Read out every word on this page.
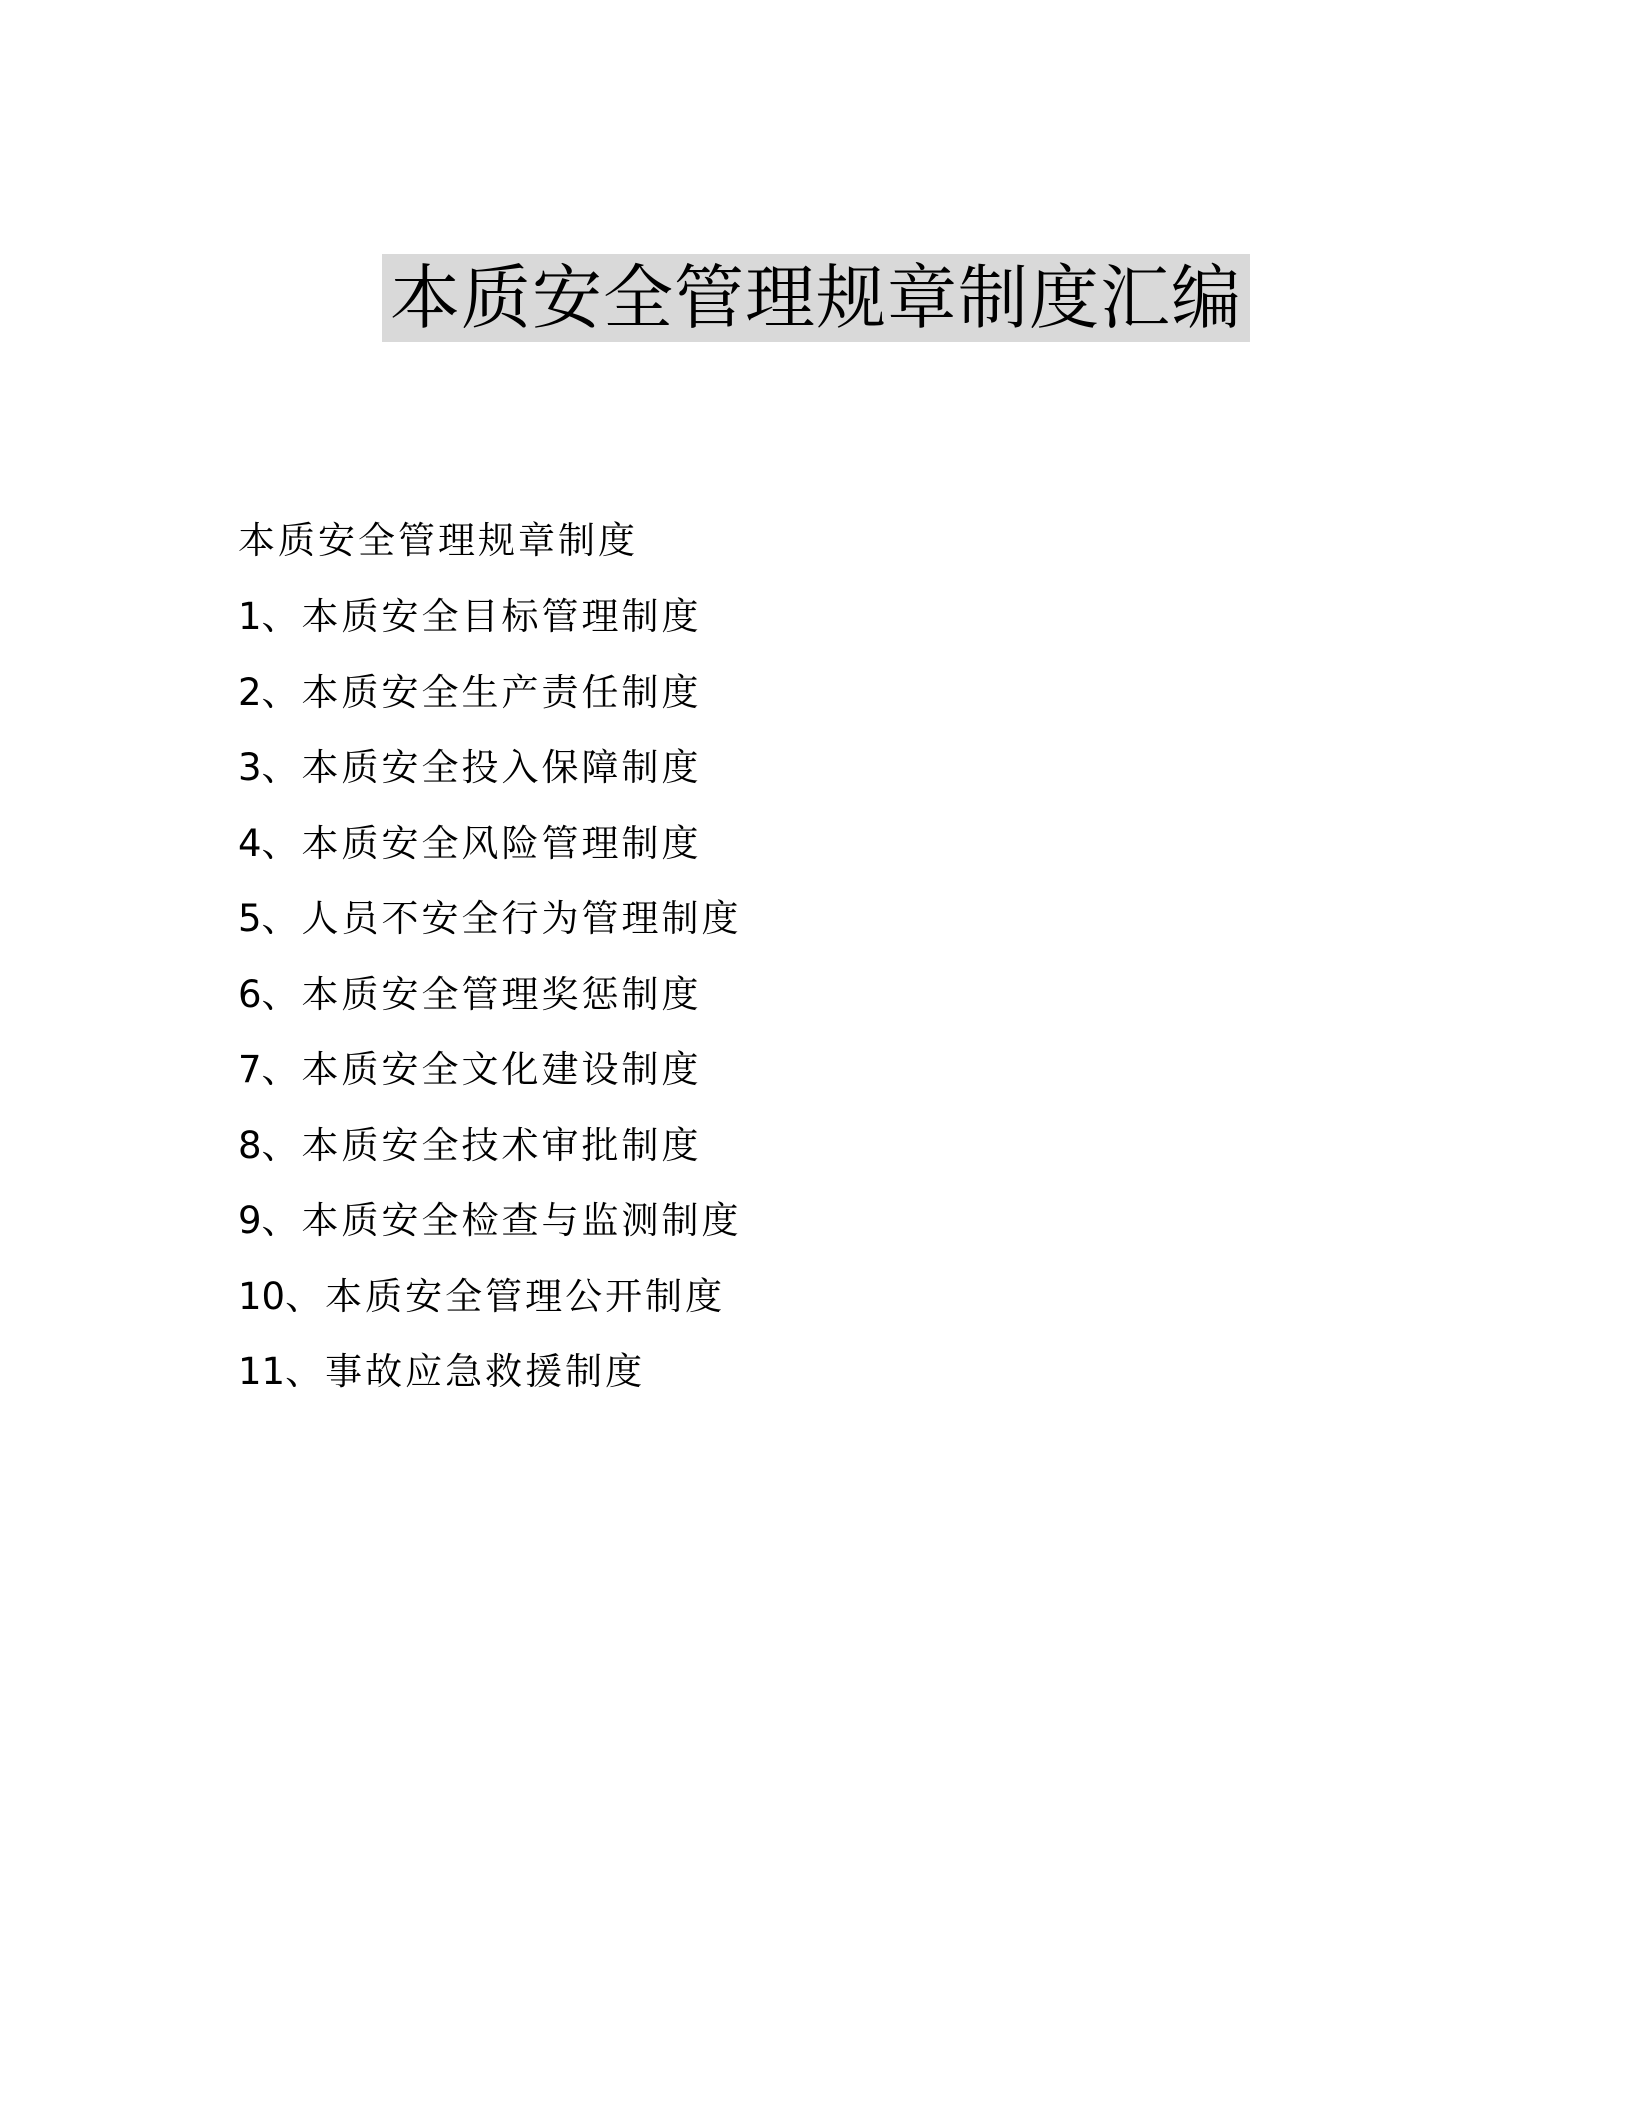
本质安全管理规章制度汇编
本质安全管理规章制度
1、本质安全目标管理制度
2、本质安全生产责任制度
3、本质安全投入保障制度
4、本质安全风险管理制度
5、人员不安全行为管理制度
6、本质安全管理奖惩制度
7、本质安全文化建设制度
8、本质安全技术审批制度
9、本质安全检查与监测制度
10、本质安全管理公开制度
11、事故应急救援制度
